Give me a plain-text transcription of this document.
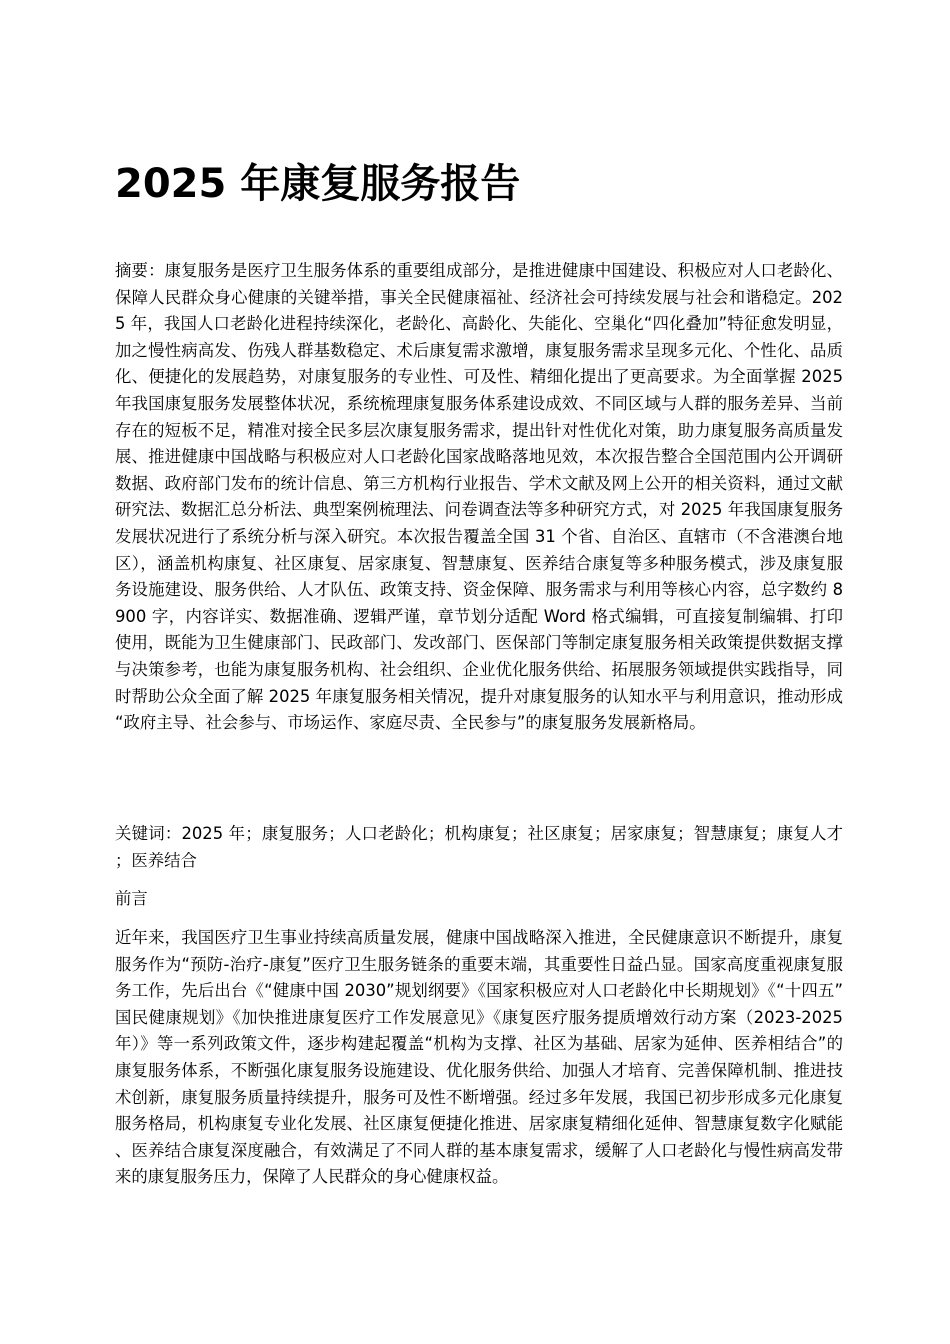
2025 年康复服务报告

摘要：康复服务是医疗卫生服务体系的重要组成部分，是推进健康中国建设、积极应对人口老龄化、保障人民群众身心健康的关键举措，事关全民健康福祉、经济社会可持续发展与社会和谐稳定。2025 年，我国人口老龄化进程持续深化，老龄化、高龄化、失能化、空巢化“四化叠加”特征愈发明显，加之慢性病高发、伤残人群基数稳定、术后康复需求激增，康复服务需求呈现多元化、个性化、品质化、便捷化的发展趋势，对康复服务的专业性、可及性、精细化提出了更高要求。为全面掌握 2025 年我国康复服务发展整体状况，系统梳理康复服务体系建设成效、不同区域与人群的服务差异、当前存在的短板不足，精准对接全民多层次康复服务需求，提出针对性优化对策，助力康复服务高质量发展、推进健康中国战略与积极应对人口老龄化国家战略落地见效，本次报告整合全国范围内公开调研数据、政府部门发布的统计信息、第三方机构行业报告、学术文献及网上公开的相关资料，通过文献研究法、数据汇总分析法、典型案例梳理法、问卷调查法等多种研究方式，对 2025 年我国康复服务发展状况进行了系统分析与深入研究。本次报告覆盖全国 31 个省、自治区、直辖市（不含港澳台地区），涵盖机构康复、社区康复、居家康复、智慧康复、医养结合康复等多种服务模式，涉及康复服务设施建设、服务供给、人才队伍、政策支持、资金保障、服务需求与利用等核心内容，总字数约 8900 字，内容详实、数据准确、逻辑严谨，章节划分适配 Word 格式编辑，可直接复制编辑、打印使用，既能为卫生健康部门、民政部门、发改部门、医保部门等制定康复服务相关政策提供数据支撑与决策参考，也能为康复服务机构、社会组织、企业优化服务供给、拓展服务领域提供实践指导，同时帮助公众全面了解 2025 年康复服务相关情况，提升对康复服务的认知水平与利用意识，推动形成“政府主导、社会参与、市场运作、家庭尽责、全民参与”的康复服务发展新格局。

关键词：2025 年；康复服务；人口老龄化；机构康复；社区康复；居家康复；智慧康复；康复人才；医养结合

前言

近年来，我国医疗卫生事业持续高质量发展，健康中国战略深入推进，全民健康意识不断提升，康复服务作为“预防-治疗-康复”医疗卫生服务链条的重要末端，其重要性日益凸显。国家高度重视康复服务工作，先后出台《“健康中国 2030”规划纲要》《国家积极应对人口老龄化中长期规划》《“十四五”国民健康规划》《加快推进康复医疗工作发展意见》《康复医疗服务提质增效行动方案（2023-2025 年）》等一系列政策文件，逐步构建起覆盖“机构为支撑、社区为基础、居家为延伸、医养相结合”的康复服务体系，不断强化康复服务设施建设、优化服务供给、加强人才培育、完善保障机制、推进技术创新，康复服务质量持续提升，服务可及性不断增强。经过多年发展，我国已初步形成多元化康复服务格局，机构康复专业化发展、社区康复便捷化推进、居家康复精细化延伸、智慧康复数字化赋能、医养结合康复深度融合，有效满足了不同人群的基本康复需求，缓解了人口老龄化与慢性病高发带来的康复服务压力，保障了人民群众的身心健康权益。
